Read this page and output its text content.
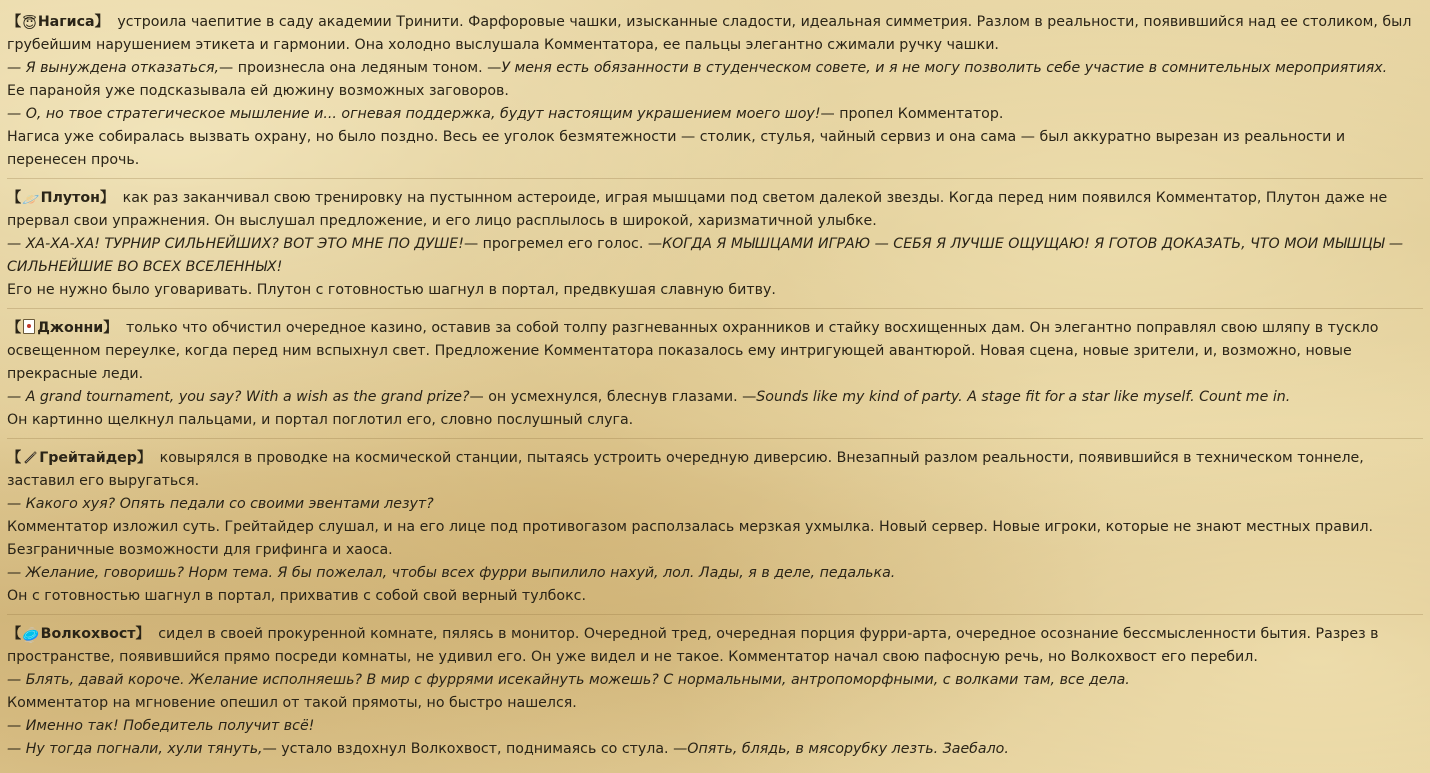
【😇Нагиса】 устроила чаепитие в саду академии Тринити. Фарфоровые чашки, изысканные сладости, идеальная симметрия. Разлом в реальности, появившийся над ее столиком, был грубейшим нарушением этикета и гармонии. Она холодно выслушала Комментатора, ее пальцы элегантно сжимали ручку чашки.

— Я вынуждена отказаться,— произнесла она ледяным тоном. —У меня есть обязанности в студенческом совете, и я не могу позволить себе участие в сомнительных мероприятиях.

Ее паранойя уже подсказывала ей дюжину возможных заговоров.

— О, но твое стратегическое мышление и... огневая поддержка, будут настоящим украшением моего шоу!— пропел Комментатор.

Нагиса уже собиралась вызвать охрану, но было поздно. Весь ее уголок безмятежности — столик, стулья, чайный сервиз и она сама — был аккуратно вырезан из реальности и перенесен прочь.

【🪐Плутон】 как раз заканчивал свою тренировку на пустынном астероиде, играя мышцами под светом далекой звезды. Когда перед ним появился Комментатор, Плутон даже не прервал свои упражнения. Он выслушал предложение, и его лицо расплылось в широкой, харизматичной улыбке.

— ХА-ХА-ХА! ТУРНИР СИЛЬНЕЙШИХ? ВОТ ЭТО МНЕ ПО ДУШЕ!— прогремел его голос. —КОГДА Я МЫШЦАМИ ИГРАЮ — СЕБЯ Я ЛУЧШЕ ОЩУЩАЮ! Я ГОТОВ ДОКАЗАТЬ, ЧТО МОИ МЫШЦЫ — СИЛЬНЕЙШИЕ ВО ВСЕХ ВСЕЛЕННЫХ!

Его не нужно было уговаривать. Плутон с готовностью шагнул в портал, предвкушая славную битву.

【 Джонни】 только что обчистил очередное казино, оставив за собой толпу разгневанных охранников и стайку восхищенных дам. Он элегантно поправлял свою шляпу в тускло освещенном переулке, когда перед ним вспыхнул свет. Предложение Комментатора показалось ему интригующей авантюрой. Новая сцена, новые зрители, и, возможно, новые прекрасные леди.

— A grand tournament, you say? With a wish as the grand prize?— он усмехнулся, блеснув глазами. —Sounds like my kind of party. A stage fit for a star like myself. Count me in.

Он картинно щелкнул пальцами, и портал поглотил его, словно послушный слуга.

【 Грейтайдер】 ковырялся в проводке на космической станции, пытаясь устроить очередную диверсию. Внезапный разлом реальности, появившийся в техническом тоннеле, заставил его выругаться.

— Какого хуя? Опять педали со своими эвентами лезут?

Комментатор изложил суть. Грейтайдер слушал, и на его лице под противогазом расползалась мерзкая ухмылка. Новый сервер. Новые игроки, которые не знают местных правил. Безграничные возможности для грифинга и хаоса.

— Желание, говоришь? Норм тема. Я бы пожелал, чтобы всех фурри выпилило нахуй, лол. Лады, я в деле, педалька.

Он с готовностью шагнул в портал, прихватив с собой свой верный тулбокс.

【🥏Волкохвост】 сидел в своей прокуренной комнате, пялясь в монитор. Очередной тред, очередная порция фурри-арта, очередное осознание бессмысленности бытия. Разрез в пространстве, появившийся прямо посреди комнаты, не удивил его. Он уже видел и не такое. Комментатор начал свою пафосную речь, но Волкохвост его перебил.

— Блять, давай короче. Желание исполняешь? В мир с фуррями исекайнуть можешь? С нормальными, антропоморфными, с волками там, все дела.

Комментатор на мгновение опешил от такой прямоты, но быстро нашелся.

— Именно так! Победитель получит всё!

— Ну тогда погнали, хули тянуть,— устало вздохнул Волкохвост, поднимаясь со стула. —Опять, блядь, в мясорубку лезть. Заебало.
